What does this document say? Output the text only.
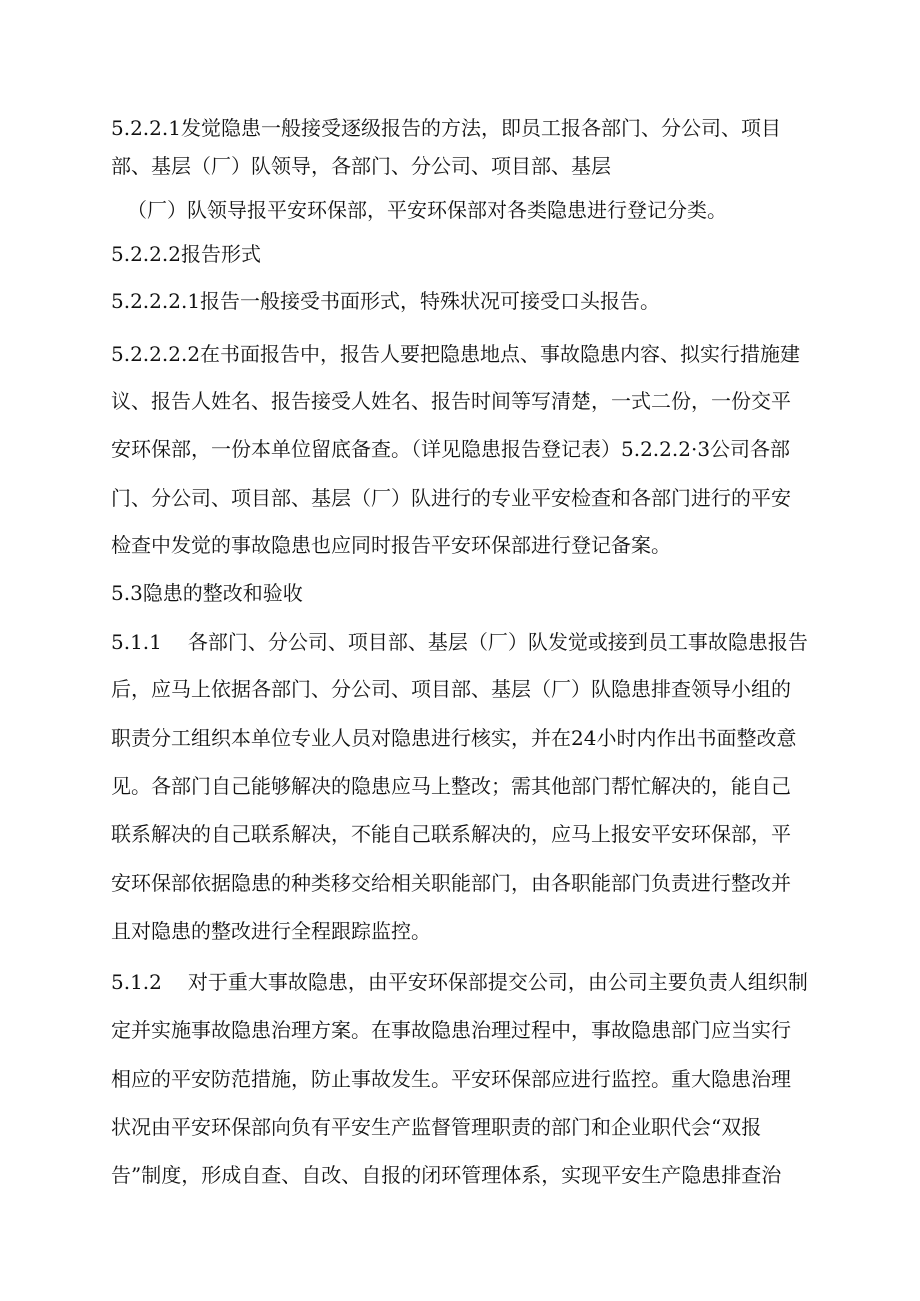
5.2.2.1发觉隐患一般接受逐级报告的方法，即员工报各部门、分公司、项目
部、基层（厂）队领导，各部门、分公司、项目部、基层
（厂）队领导报平安环保部，平安环保部对各类隐患进行登记分类。
5.2.2.2报告形式
5.2.2.2.1报告一般接受书面形式，特殊状况可接受口头报告。
5.2.2.2.2在书面报告中，报告人要把隐患地点、事故隐患内容、拟实行措施建
议、报告人姓名、报告接受人姓名、报告时间等写清楚，一式二份，一份交平
安环保部，一份本单位留底备查。（详见隐患报告登记表）5.2.2.2·3公司各部
门、分公司、项目部、基层（厂）队进行的专业平安检查和各部门进行的平安
检查中发觉的事故隐患也应同时报告平安环保部进行登记备案。
5.3隐患的整改和验收
5.1.1 各部门、分公司、项目部、基层（厂）队发觉或接到员工事故隐患报告
后，应马上依据各部门、分公司、项目部、基层（厂）队隐患排查领导小组的
职责分工组织本单位专业人员对隐患进行核实，并在24小时内作出书面整改意
见。各部门自己能够解决的隐患应马上整改；需其他部门帮忙解决的，能自己
联系解决的自己联系解决，不能自己联系解决的，应马上报安平安环保部，平
安环保部依据隐患的种类移交给相关职能部门，由各职能部门负责进行整改并
且对隐患的整改进行全程跟踪监控。
5.1.2 对于重大事故隐患，由平安环保部提交公司，由公司主要负责人组织制
定并实施事故隐患治理方案。在事故隐患治理过程中，事故隐患部门应当实行
相应的平安防范措施，防止事故发生。平安环保部应进行监控。重大隐患治理
状况由平安环保部向负有平安生产监督管理职责的部门和企业职代会“双报
告”制度，形成自查、自改、自报的闭环管理体系，实现平安生产隐患排查治
